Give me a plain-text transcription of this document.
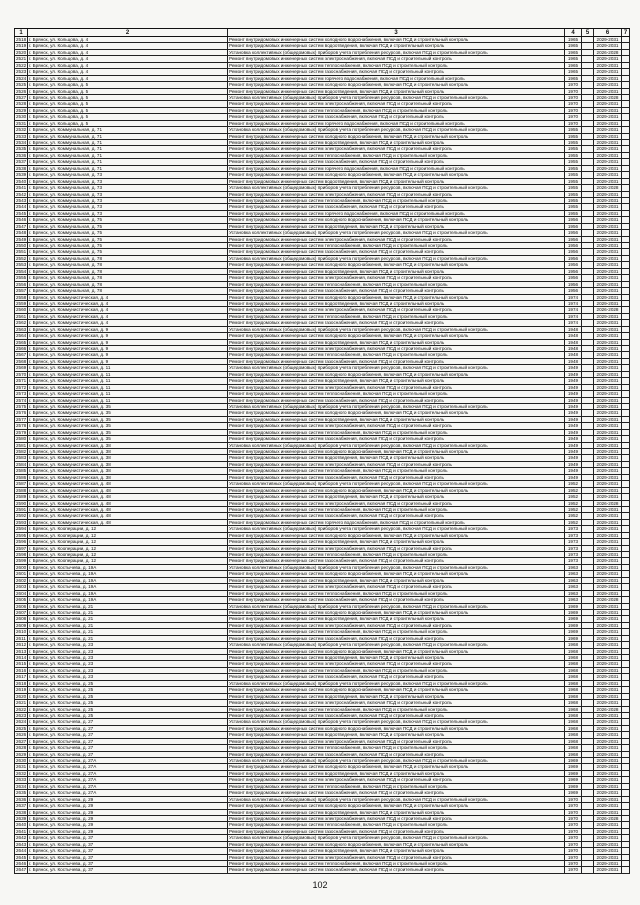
1	2	3	4	5	6	7
2518 г. Брянск, ул. Кольцова, д. 4	Ремонт внутридомовых инженерных систем холодного водоснабжения, включая ПСД и строительный контроль	1965	2029-2031
2519 г. Брянск, ул. Кольцова, д. 4	Ремонт внутридомовых инженерных систем водоотведения, включая ПСД и строительный контроль	1965	2029-2031
2520 г. Брянск, ул. Кольцова, д. 4	Установка коллективных (общедомовых) приборов учета потребления ресурсов, включая ПСД и строительный контроль	1965	2026-2028
2521 г. Брянск, ул. Кольцова, д. 4	Ремонт внутридомовых инженерных систем электроснабжения, включая ПСД и строительный контроль	1965	2029-2031
2522 г. Брянск, ул. Кольцова, д. 4	Ремонт внутридомовых инженерных систем теплоснабжения, включая ПСД и строительный контроль	1965	2029-2031
2523 г. Брянск, ул. Кольцова, д. 4	Ремонт внутридомовых инженерных систем газоснабжения, включая ПСД и строительный контроль	1965	2029-2031
2524 г. Брянск, ул. Кольцова, д. 4	Ремонт внутридомовых инженерных систем горячего водоснабжения, включая ПСД и строительный контроль	1965	2029-2031
2525 г. Брянск, ул. Кольцова, д. 5	Ремонт внутридомовых инженерных систем холодного водоснабжения, включая ПСД и строительный контроль	1970	2029-2031
2526 г. Брянск, ул. Кольцова, д. 5	Ремонт внутридомовых инженерных систем водоотведения, включая ПСД и строительный контроль	1970	2029-2031
2527 г. Брянск, ул. Кольцова, д. 5	Установка коллективных (общедомовых) приборов учета потребления ресурсов, включая ПСД и строительный контроль	1970	2026-2028
2528 г. Брянск, ул. Кольцова, д. 5	Ремонт внутридомовых инженерных систем электроснабжения, включая ПСД и строительный контроль	1970	2029-2031
2529 г. Брянск, ул. Кольцова, д. 5	Ремонт внутридомовых инженерных систем теплоснабжения, включая ПСД и строительный контроль	1970	2029-2031
2530 г. Брянск, ул. Кольцова, д. 5	Ремонт внутридомовых инженерных систем газоснабжения, включая ПСД и строительный контроль	1970	2029-2031
2531 г. Брянск, ул. Кольцова, д. 5	Ремонт внутридомовых инженерных систем горячего водоснабжения, включая ПСД и строительный контроль	1970	2029-2031
2532 г. Брянск, ул. Коммунальная, д. 71	Установка коллективных (общедомовых) приборов учета потребления ресурсов, включая ПСД и строительный контроль	1955	2029-2031
2533 г. Брянск, ул. Коммунальная, д. 71	Ремонт внутридомовых инженерных систем холодного водоснабжения, включая ПСД и строительный контроль	1955	2029-2031
2534 г. Брянск, ул. Коммунальная, д. 71	Ремонт внутридомовых инженерных систем водоотведения, включая ПСД и строительный контроль	1955	2029-2031
2535 г. Брянск, ул. Коммунальная, д. 71	Ремонт внутридомовых инженерных систем электроснабжения, включая ПСД и строительный контроль	1955	2029-2031
2536 г. Брянск, ул. Коммунальная, д. 71	Ремонт внутридомовых инженерных систем теплоснабжения, включая ПСД и строительный контроль	1955	2029-2031
2537 г. Брянск, ул. Коммунальная, д. 71	Ремонт внутридомовых инженерных систем газоснабжения, включая ПСД и строительный контроль	1955	2029-2031
2538 г. Брянск, ул. Коммунальная, д. 71	Ремонт внутридомовых инженерных систем горячего водоснабжения, включая ПСД и строительный контроль	1955	2029-2031
2539 г. Брянск, ул. Коммунальная, д. 73	Ремонт внутридомовых инженерных систем холодного водоснабжения, включая ПСД и строительный контроль	1955	2029-2031
2540 г. Брянск, ул. Коммунальная, д. 73	Ремонт внутридомовых инженерных систем водоотведения, включая ПСД и строительный контроль	1955	2029-2031
2541 г. Брянск, ул. Коммунальная, д. 73	Установка коллективных (общедомовых) приборов учета потребления ресурсов, включая ПСД и строительный контроль	1955	2026-2028
2542 г. Брянск, ул. Коммунальная, д. 73	Ремонт внутридомовых инженерных систем электроснабжения, включая ПСД и строительный контроль	1955	2029-2031
2543 г. Брянск, ул. Коммунальная, д. 73	Ремонт внутридомовых инженерных систем теплоснабжения, включая ПСД и строительный контроль	1955	2029-2031
2544 г. Брянск, ул. Коммунальная, д. 73	Ремонт внутридомовых инженерных систем газоснабжения, включая ПСД и строительный контроль	1955	2029-2031
2545 г. Брянск, ул. Коммунальная, д. 73	Ремонт внутридомовых инженерных систем горячего водоснабжения, включая ПСД и строительный контроль	1955	2029-2031
2546 г. Брянск, ул. Коммунальная, д. 75	Ремонт внутридомовых инженерных систем холодного водоснабжения, включая ПСД и строительный контроль	1956	2029-2031
2547 г. Брянск, ул. Коммунальная, д. 75	Ремонт внутридомовых инженерных систем водоотведения, включая ПСД и строительный контроль	1956	2029-2031
2548 г. Брянск, ул. Коммунальная, д. 75	Установка коллективных (общедомовых) приборов учета потребления ресурсов, включая ПСД и строительный контроль	1956	2029-2031
2549 г. Брянск, ул. Коммунальная, д. 75	Ремонт внутридомовых инженерных систем электроснабжения, включая ПСД и строительный контроль	1956	2029-2031
2550 г. Брянск, ул. Коммунальная, д. 75	Ремонт внутридомовых инженерных систем теплоснабжения, включая ПСД и строительный контроль	1956	2029-2031
2551 г. Брянск, ул. Коммунальная, д. 75	Ремонт внутридомовых инженерных систем газоснабжения, включая ПСД и строительный контроль	1956	2029-2031
2552 г. Брянск, ул. Коммунальная, д. 78	Установка коллективных (общедомовых) приборов учета потребления ресурсов, включая ПСД и строительный контроль	1956	2029-2031
2553 г. Брянск, ул. Коммунальная, д. 78	Ремонт внутридомовых инженерных систем холодного водоснабжения, включая ПСД и строительный контроль	1956	2029-2031
2554 г. Брянск, ул. Коммунальная, д. 78	Ремонт внутридомовых инженерных систем водоотведения, включая ПСД и строительный контроль	1956	2029-2031
2555 г. Брянск, ул. Коммунальная, д. 78	Ремонт внутридомовых инженерных систем электроснабжения, включая ПСД и строительный контроль	1956	2029-2031
2556 г. Брянск, ул. Коммунальная, д. 78	Ремонт внутридомовых инженерных систем теплоснабжения, включая ПСД и строительный контроль	1956	2029-2031
2557 г. Брянск, ул. Коммунальная, д. 78	Ремонт внутридомовых инженерных систем газоснабжения, включая ПСД и строительный контроль	1956	2029-2031
2558 г. Брянск, ул. Коммунистическая, д. 4	Ремонт внутридомовых инженерных систем холодного водоснабжения, включая ПСД и строительный контроль	1974	2029-2031
2559 г. Брянск, ул. Коммунистическая, д. 4	Ремонт внутридомовых инженерных систем водоотведения, включая ПСД и строительный контроль	1974	2029-2031
2560 г. Брянск, ул. Коммунистическая, д. 4	Ремонт внутридомовых инженерных систем электроснабжения, включая ПСД и строительный контроль	1974	2026-2028
2561 г. Брянск, ул. Коммунистическая, д. 4	Ремонт внутридомовых инженерных систем теплоснабжения, включая ПСД и строительный контроль	1974	2029-2031
2562 г. Брянск, ул. Коммунистическая, д. 4	Ремонт внутридомовых инженерных систем газоснабжения, включая ПСД и строительный контроль	1974	2029-2031
2563 г. Брянск, ул. Коммунистическая, д. 9	Установка коллективных (общедомовых) приборов учета потребления ресурсов, включая ПСД и строительный контроль	1948	2029-2031
2564 г. Брянск, ул. Коммунистическая, д. 9	Ремонт внутридомовых инженерных систем холодного водоснабжения, включая ПСД и строительный контроль	1948	2029-2031
2565 г. Брянск, ул. Коммунистическая, д. 9	Ремонт внутридомовых инженерных систем водоотведения, включая ПСД и строительный контроль	1948	2029-2031
2566 г. Брянск, ул. Коммунистическая, д. 9	Ремонт внутридомовых инженерных систем электроснабжения, включая ПСД и строительный контроль	1948	2029-2031
2567 г. Брянск, ул. Коммунистическая, д. 9	Ремонт внутридомовых инженерных систем теплоснабжения, включая ПСД и строительный контроль	1948	2029-2031
2568 г. Брянск, ул. Коммунистическая, д. 9	Ремонт внутридомовых инженерных систем газоснабжения, включая ПСД и строительный контроль	1948	2029-2031
2569 г. Брянск, ул. Коммунистическая, д. 11	Установка коллективных (общедомовых) приборов учета потребления ресурсов, включая ПСД и строительный контроль	1949	2029-2031
2570 г. Брянск, ул. Коммунистическая, д. 11	Ремонт внутридомовых инженерных систем холодного водоснабжения, включая ПСД и строительный контроль	1949	2029-2031
2571 г. Брянск, ул. Коммунистическая, д. 11	Ремонт внутридомовых инженерных систем водоотведения, включая ПСД и строительный контроль	1949	2029-2031
2572 г. Брянск, ул. Коммунистическая, д. 11	Ремонт внутридомовых инженерных систем электроснабжения, включая ПСД и строительный контроль	1949	2029-2031
2573 г. Брянск, ул. Коммунистическая, д. 11	Ремонт внутридомовых инженерных систем теплоснабжения, включая ПСД и строительный контроль	1949	2029-2031
2574 г. Брянск, ул. Коммунистическая, д. 11	Ремонт внутридомовых инженерных систем газоснабжения, включая ПСД и строительный контроль	1949	2029-2031
2575 г. Брянск, ул. Коммунистическая, д. 35	Установка коллективных (общедомовых) приборов учета потребления ресурсов, включая ПСД и строительный контроль	1949	2029-2031
2576 г. Брянск, ул. Коммунистическая, д. 35	Ремонт внутридомовых инженерных систем холодного водоснабжения, включая ПСД и строительный контроль	1949	2029-2031
2577 г. Брянск, ул. Коммунистическая, д. 35	Ремонт внутридомовых инженерных систем водоотведения, включая ПСД и строительный контроль	1949	2029-2031
2578 г. Брянск, ул. Коммунистическая, д. 35	Ремонт внутридомовых инженерных систем электроснабжения, включая ПСД и строительный контроль	1949	2029-2031
2579 г. Брянск, ул. Коммунистическая, д. 35	Ремонт внутридомовых инженерных систем теплоснабжения, включая ПСД и строительный контроль	1949	2029-2031
2580 г. Брянск, ул. Коммунистическая, д. 35	Ремонт внутридомовых инженерных систем газоснабжения, включая ПСД и строительный контроль	1949	2029-2031
2581 г. Брянск, ул. Коммунистическая, д. 38	Установка коллективных (общедомовых) приборов учета потребления ресурсов, включая ПСД и строительный контроль	1949	2029-2031
2582 г. Брянск, ул. Коммунистическая, д. 38	Ремонт внутридомовых инженерных систем холодного водоснабжения, включая ПСД и строительный контроль	1949	2029-2031
2583 г. Брянск, ул. Коммунистическая, д. 38	Ремонт внутридомовых инженерных систем водоотведения, включая ПСД и строительный контроль	1949	2029-2031
2584 г. Брянск, ул. Коммунистическая, д. 38	Ремонт внутридомовых инженерных систем электроснабжения, включая ПСД и строительный контроль	1949	2029-2031
2585 г. Брянск, ул. Коммунистическая, д. 38	Ремонт внутридомовых инженерных систем теплоснабжения, включая ПСД и строительный контроль	1949	2029-2031
2586 г. Брянск, ул. Коммунистическая, д. 38	Ремонт внутридомовых инженерных систем газоснабжения, включая ПСД и строительный контроль	1949	2029-2031
2587 г. Брянск, ул. Коммунистическая, д. 48	Установка коллективных (общедомовых) приборов учета потребления ресурсов, включая ПСД и строительный контроль	1952	2029-2031
2588 г. Брянск, ул. Коммунистическая, д. 48	Ремонт внутридомовых инженерных систем холодного водоснабжения, включая ПСД и строительный контроль	1952	2029-2031
2589 г. Брянск, ул. Коммунистическая, д. 48	Ремонт внутридомовых инженерных систем водоотведения, включая ПСД и строительный контроль	1952	2029-2031
2590 г. Брянск, ул. Коммунистическая, д. 48	Ремонт внутридомовых инженерных систем электроснабжения, включая ПСД и строительный контроль	1952	2026-2028
2591 г. Брянск, ул. Коммунистическая, д. 48	Ремонт внутридомовых инженерных систем теплоснабжения, включая ПСД и строительный контроль	1952	2029-2031
2592 г. Брянск, ул. Коммунистическая, д. 48	Ремонт внутридомовых инженерных систем газоснабжения, включая ПСД и строительный контроль	1952	2029-2031
2593 г. Брянск, ул. Коммунистическая, д. 48	Ремонт внутридомовых инженерных систем горячего водоснабжения, включая ПСД и строительный контроль	1952	2029-2031
2594 г. Брянск, ул. Кооперации, д. 12	Установка коллективных (общедомовых) приборов учета потребления ресурсов, включая ПСД и строительный контроль	1973	2029-2031
2595 г. Брянск, ул. Кооперации, д. 12	Ремонт внутридомовых инженерных систем холодного водоснабжения, включая ПСД и строительный контроль	1973	2029-2031
2596 г. Брянск, ул. Кооперации, д. 12	Ремонт внутридомовых инженерных систем водоотведения, включая ПСД и строительный контроль	1973	2029-2031
2597 г. Брянск, ул. Кооперации, д. 12	Ремонт внутридомовых инженерных систем электроснабжения, включая ПСД и строительный контроль	1973	2029-2031
2598 г. Брянск, ул. Кооперации, д. 12	Ремонт внутридомовых инженерных систем теплоснабжения, включая ПСД и строительный контроль	1973	2029-2031
2599 г. Брянск, ул. Кооперации, д. 12	Ремонт внутридомовых инженерных систем газоснабжения, включая ПСД и строительный контроль	1973	2029-2031
2600 г. Брянск, ул. Костычева, д. 19А	Установка коллективных (общедомовых) приборов учета потребления ресурсов, включая ПСД и строительный контроль	1963	2029-2031
2601 г. Брянск, ул. Костычева, д. 19А	Ремонт внутридомовых инженерных систем холодного водоснабжения, включая ПСД и строительный контроль	1963	2029-2031
2602 г. Брянск, ул. Костычева, д. 19А	Ремонт внутридомовых инженерных систем водоотведения, включая ПСД и строительный контроль	1963	2029-2031
2603 г. Брянск, ул. Костычева, д. 19А	Ремонт внутридомовых инженерных систем электроснабжения, включая ПСД и строительный контроль	1963	2029-2031
2604 г. Брянск, ул. Костычева, д. 19А	Ремонт внутридомовых инженерных систем теплоснабжения, включая ПСД и строительный контроль	1963	2029-2031
2605 г. Брянск, ул. Костычева, д. 19А	Ремонт внутридомовых инженерных систем газоснабжения, включая ПСД и строительный контроль	1963	2026-2028
2606 г. Брянск, ул. Костычева, д. 21	Установка коллективных (общедомовых) приборов учета потребления ресурсов, включая ПСД и строительный контроль	1969	2029-2031
2607 г. Брянск, ул. Костычева, д. 21	Ремонт внутридомовых инженерных систем холодного водоснабжения, включая ПСД и строительный контроль	1969	2029-2031
2608 г. Брянск, ул. Костычева, д. 21	Ремонт внутридомовых инженерных систем водоотведения, включая ПСД и строительный контроль	1969	2029-2031
2609 г. Брянск, ул. Костычева, д. 21	Ремонт внутридомовых инженерных систем электроснабжения, включая ПСД и строительный контроль	1969	2029-2031
2610 г. Брянск, ул. Костычева, д. 21	Ремонт внутридомовых инженерных систем теплоснабжения, включая ПСД и строительный контроль	1969	2029-2031
2611 г. Брянск, ул. Костычева, д. 21	Ремонт внутридомовых инженерных систем газоснабжения, включая ПСД и строительный контроль	1969	2029-2031
2612 г. Брянск, ул. Костычева, д. 23	Установка коллективных (общедомовых) приборов учета потребления ресурсов, включая ПСД и строительный контроль	1968	2029-2031
2613 г. Брянск, ул. Костычева, д. 23	Ремонт внутридомовых инженерных систем холодного водоснабжения, включая ПСД и строительный контроль	1968	2029-2031
2614 г. Брянск, ул. Костычева, д. 23	Ремонт внутридомовых инженерных систем водоотведения, включая ПСД и строительный контроль	1968	2029-2031
2615 г. Брянск, ул. Костычева, д. 23	Ремонт внутридомовых инженерных систем электроснабжения, включая ПСД и строительный контроль	1968	2029-2031
2616 г. Брянск, ул. Костычева, д. 23	Ремонт внутридомовых инженерных систем теплоснабжения, включая ПСД и строительный контроль	1968	2029-2031
2617 г. Брянск, ул. Костычева, д. 23	Ремонт внутридомовых инженерных систем газоснабжения, включая ПСД и строительный контроль	1968	2029-2031
2618 г. Брянск, ул. Костычева, д. 25	Установка коллективных (общедомовых) приборов учета потребления ресурсов, включая ПСД и строительный контроль	1968	2029-2031
2619 г. Брянск, ул. Костычева, д. 25	Ремонт внутридомовых инженерных систем холодного водоснабжения, включая ПСД и строительный контроль	1968	2029-2031
2620 г. Брянск, ул. Костычева, д. 25	Ремонт внутридомовых инженерных систем водоотведения, включая ПСД и строительный контроль	1968	2029-2031
2621 г. Брянск, ул. Костычева, д. 25	Ремонт внутридомовых инженерных систем электроснабжения, включая ПСД и строительный контроль	1968	2029-2031
2622 г. Брянск, ул. Костычева, д. 25	Ремонт внутридомовых инженерных систем теплоснабжения, включая ПСД и строительный контроль	1968	2026-2028
2623 г. Брянск, ул. Костычева, д. 25	Ремонт внутридомовых инженерных систем газоснабжения, включая ПСД и строительный контроль	1968	2029-2031
2624 г. Брянск, ул. Костычева, д. 27	Установка коллективных (общедомовых) приборов учета потребления ресурсов, включая ПСД и строительный контроль	1968	2029-2031
2625 г. Брянск, ул. Костычева, д. 27	Ремонт внутридомовых инженерных систем холодного водоснабжения, включая ПСД и строительный контроль	1968	2029-2031
2626 г. Брянск, ул. Костычева, д. 27	Ремонт внутридомовых инженерных систем водоотведения, включая ПСД и строительный контроль	1968	2029-2031
2627 г. Брянск, ул. Костычева, д. 27	Ремонт внутридомовых инженерных систем электроснабжения, включая ПСД и строительный контроль	1968	2029-2031
2628 г. Брянск, ул. Костычева, д. 27	Ремонт внутридомовых инженерных систем теплоснабжения, включая ПСД и строительный контроль	1968	2029-2031
2629 г. Брянск, ул. Костычева, д. 27	Ремонт внутридомовых инженерных систем газоснабжения, включая ПСД и строительный контроль	1968	2029-2031
2630 г. Брянск, ул. Костычева, д. 27А	Установка коллективных (общедомовых) приборов учета потребления ресурсов, включая ПСД и строительный контроль	1969	2029-2031
2631 г. Брянск, ул. Костычева, д. 27А	Ремонт внутридомовых инженерных систем холодного водоснабжения, включая ПСД и строительный контроль	1969	2029-2031
2632 г. Брянск, ул. Костычева, д. 27А	Ремонт внутридомовых инженерных систем водоотведения, включая ПСД и строительный контроль	1969	2029-2031
2633 г. Брянск, ул. Костычева, д. 27А	Ремонт внутридомовых инженерных систем электроснабжения, включая ПСД и строительный контроль	1969	2029-2031
2634 г. Брянск, ул. Костычева, д. 27А	Ремонт внутридомовых инженерных систем теплоснабжения, включая ПСД и строительный контроль	1969	2029-2031
2635 г. Брянск, ул. Костычева, д. 27А	Ремонт внутридомовых инженерных систем газоснабжения, включая ПСД и строительный контроль	1969	2029-2031
2636 г. Брянск, ул. Костычева, д. 29	Установка коллективных (общедомовых) приборов учета потребления ресурсов, включая ПСД и строительный контроль	1970	2029-2031
2637 г. Брянск, ул. Костычева, д. 29	Ремонт внутридомовых инженерных систем холодного водоснабжения, включая ПСД и строительный контроль	1970	2029-2031
2638 г. Брянск, ул. Костычева, д. 29	Ремонт внутридомовых инженерных систем водоотведения, включая ПСД и строительный контроль	1970	2029-2031
2639 г. Брянск, ул. Костычева, д. 29	Ремонт внутридомовых инженерных систем электроснабжения, включая ПСД и строительный контроль	1970	2026-2028
2640 г. Брянск, ул. Костычева, д. 29	Ремонт внутридомовых инженерных систем теплоснабжения, включая ПСД и строительный контроль	1970	2029-2031
2641 г. Брянск, ул. Костычева, д. 29	Ремонт внутридомовых инженерных систем газоснабжения, включая ПСД и строительный контроль	1970	2029-2031
2642 г. Брянск, ул. Костычева, д. 37	Установка коллективных (общедомовых) приборов учета потребления ресурсов, включая ПСД и строительный контроль	1970	2029-2031
2643 г. Брянск, ул. Костычева, д. 37	Ремонт внутридомовых инженерных систем холодного водоснабжения, включая ПСД и строительный контроль	1970	2029-2031
2644 г. Брянск, ул. Костычева, д. 37	Ремонт внутридомовых инженерных систем водоотведения, включая ПСД и строительный контроль	1970	2029-2031
2645 г. Брянск, ул. Костычева, д. 37	Ремонт внутридомовых инженерных систем электроснабжения, включая ПСД и строительный контроль	1970	2029-2031
2646 г. Брянск, ул. Костычева, д. 37	Ремонт внутридомовых инженерных систем теплоснабжения, включая ПСД и строительный контроль	1970	2029-2031
2647 г. Брянск, ул. Костычева, д. 37	Ремонт внутридомовых инженерных систем газоснабжения, включая ПСД и строительный контроль	1970	2029-2031
102
